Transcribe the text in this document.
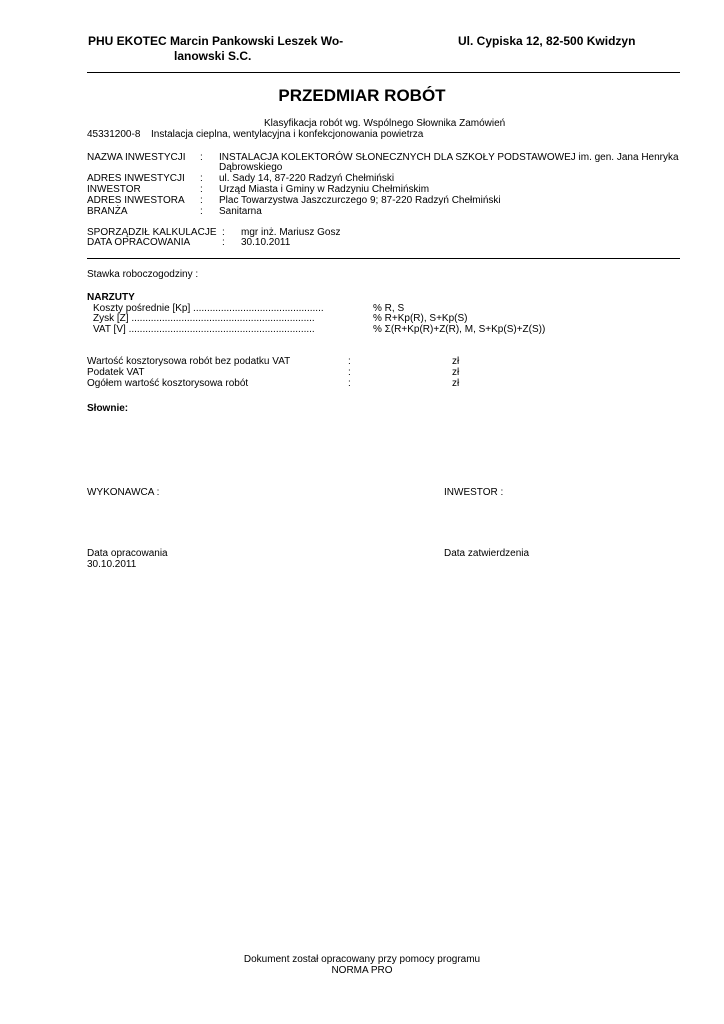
PHU EKOTEC Marcin Pankowski Leszek Wo-
lanowski S.C.
Ul. Cypiska 12, 82-500 Kwidzyn
PRZEDMIAR ROBÓT
Klasyfikacja robót wg. Wspólnego Słownika Zamówień
45331200-8 Instalacja cieplna, wentylacyjna i konfekcjonowania powietrza
NAZWA INWESTYCJI : INSTALACJA KOLEKTORÓW SŁONECZNYCH DLA SZKOŁY PODSTAWOWEJ im. gen. Jana Henryka
Dąbrowskiego
ADRES INWESTYCJI : ul. Sady 14, 87-220 Radzyń Chełmiński
INWESTOR	: Urząd Miasta i Gminy w Radzyniu Chełmińskim
ADRES INWESTORA : Plac Towarzystwa Jaszczurczego 9; 87-220 Radzyń Chełmiński
BRANŻA	: Sanitarna
SPORZĄDZIŁ KALKULACJE : mgr inż. Mariusz Gosz
DATA OPRACOWANIA	: 30.10.2011
Stawka roboczogodziny :
NARZUTY
Koszty pośrednie [Kp] ...............................................	% R, S
Zysk [Z] ..................................................................	% R+Kp(R), S+Kp(S)
VAT [V] ...................................................................	% Σ(R+Kp(R)+Z(R), M, S+Kp(S)+Z(S))
Wartość kosztorysowa robót bez podatku VAT	:	zł
Podatek VAT	:	zł
Ogółem wartość kosztorysowa robót	:	zł
Słownie:
WYKONAWCA :	INWESTOR :
Data opracowania
30.10.2011
Data zatwierdzenia
Dokument został opracowany przy pomocy programu
NORMA PRO
